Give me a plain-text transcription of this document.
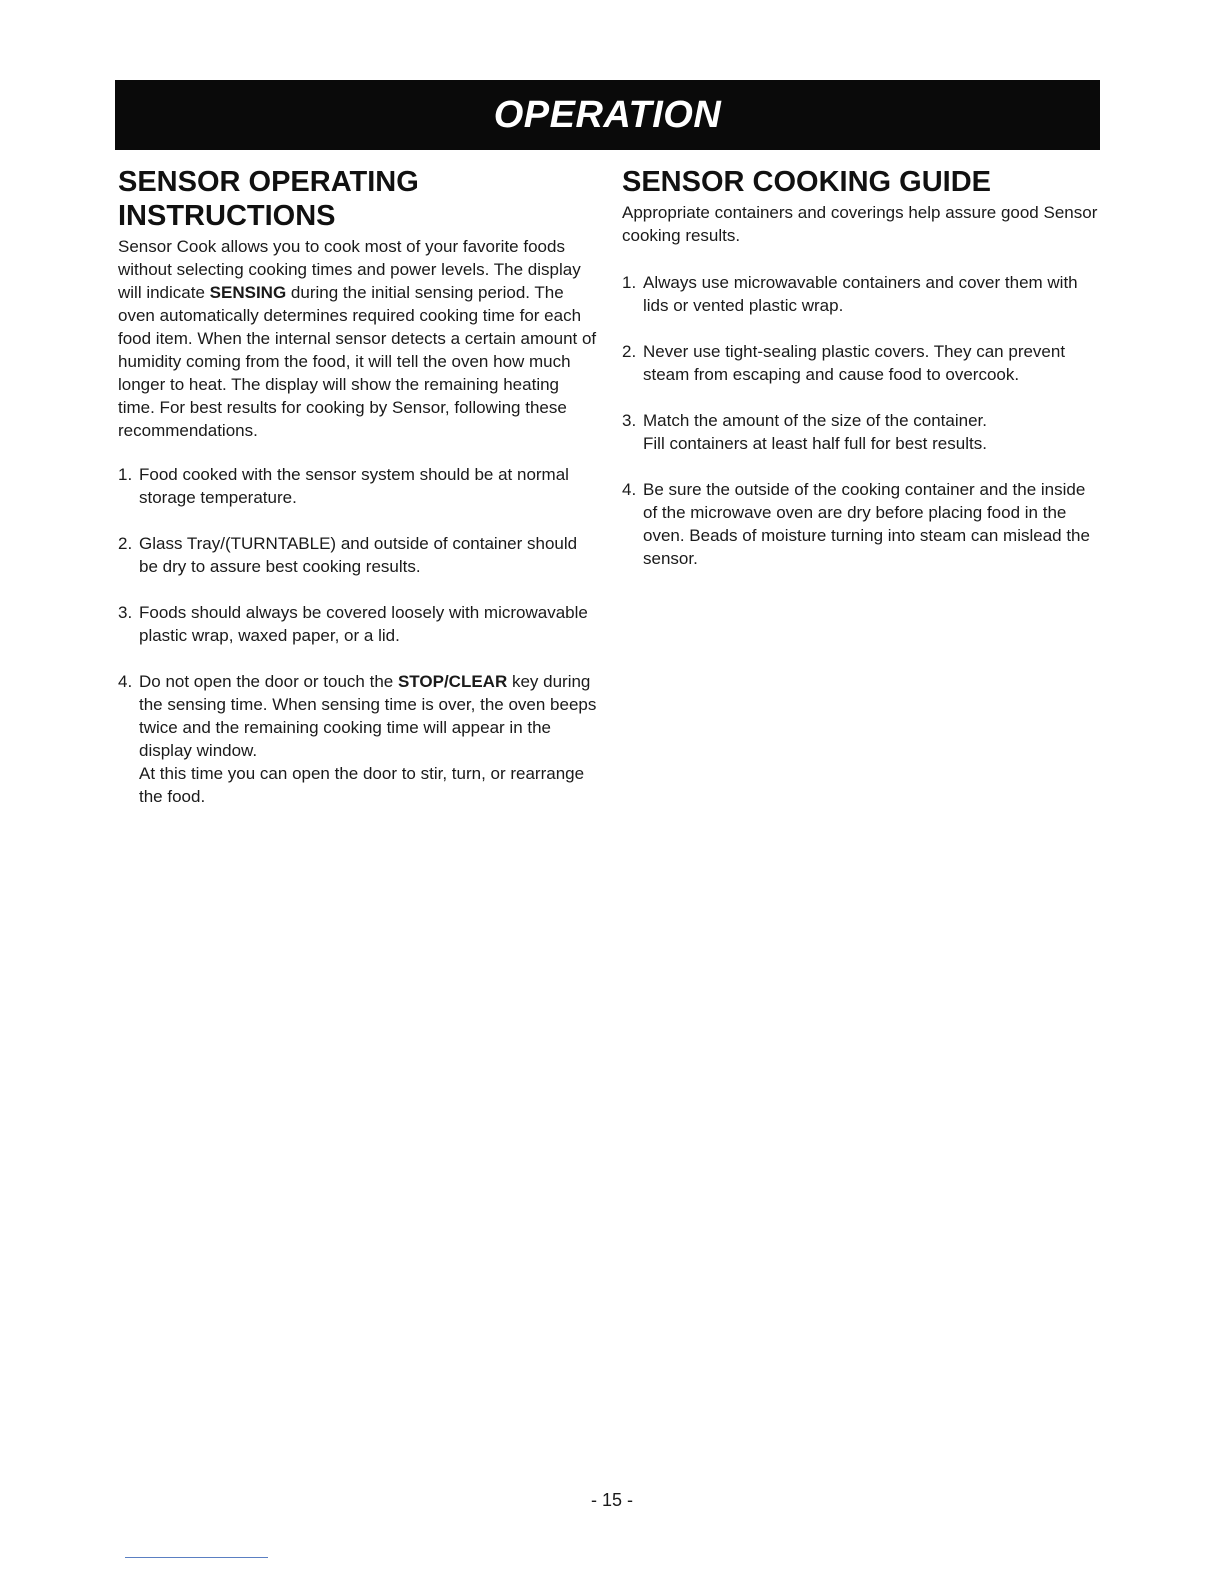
OPERATION
SENSOR OPERATING INSTRUCTIONS

Sensor Cook allows you to cook most of your favorite foods without selecting cooking times and power levels. The display will indicate SENSING during the initial sensing period. The oven automatically determines required cooking time for each food item. When the internal sensor detects a certain amount of humidity coming from the food, it will tell the oven how much longer to heat. The display will show the remaining heating time. For best results for cooking by Sensor, following these recommendations.

1. Food cooked with the sensor system should be at normal storage temperature.
2. Glass Tray/(TURNTABLE) and outside of container should be dry to assure best cooking results.
3. Foods should always be covered loosely with microwavable plastic wrap, waxed paper, or a lid.
4. Do not open the door or touch the STOP/CLEAR key during the sensing time. When sensing time is over, the oven beeps twice and the remaining cooking time will appear in the display window.
At this time you can open the door to stir, turn, or rearrange the food.
SENSOR COOKING GUIDE

Appropriate containers and coverings help assure good Sensor cooking results.

1. Always use microwavable containers and cover them with lids or vented plastic wrap.
2. Never use tight-sealing plastic covers. They can prevent steam from escaping and cause food to overcook.
3. Match the amount of the size of the container.
Fill containers at least half full for best results.
4. Be sure the outside of the cooking container and the inside of the microwave oven are dry before placing food in the oven. Beads of moisture turning into steam can mislead the sensor.
- 15 -
